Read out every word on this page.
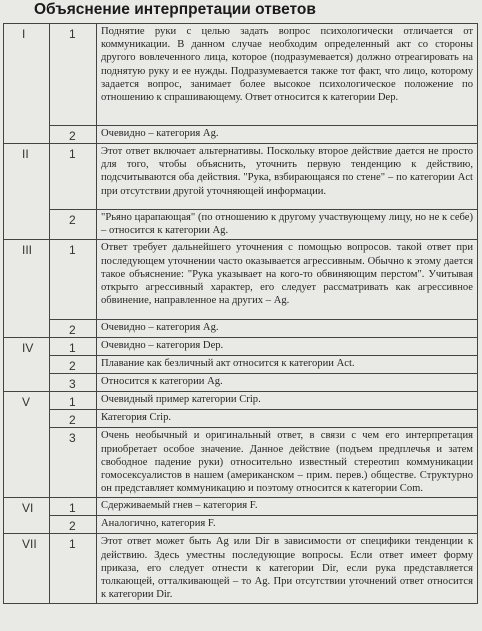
Объяснение интерпретации ответов
I	1	Поднятие руки с целью задать вопрос психологически отличается от коммуникации. В данном случае необходим определенный акт со стороны другого вовлеченного лица, которое (подразумевается) должно отреагировать на поднятую руку и ее нужды. Подразумевается также тот факт, что лицо, которому задается вопрос, занимает более высокое психологическое положение по отношению к спрашивающему. Ответ относится к категории Dep.
	2	Очевидно – категория Ag.
II	1	Этот ответ включает альтернативы. Поскольку второе действие дается не просто для того, чтобы объяснить, уточнить первую тенденцию к действию, подсчитываются оба действия. "Рука, взбирающаяся по стене" – по категории Act при отсутствии другой уточняющей информации.
	2	"Рьяно царапающая" (по отношению к другому участвующему лицу, но не к себе) – относится к категории Ag.
III	1	Ответ требует дальнейшего уточнения с помощью вопросов. такой ответ при последующем уточнении часто оказывается агрессивным. Обычно к этому дается такое объяснение: "Рука указывает на кого-то обвиняющим перстом". Учитывая открыто агрессивный характер, его следует рассматривать как агрессивное обвинение, направленное на других – Ag.
	2	Очевидно – категория Ag.
IV	1	Очевидно – категория Dep.
	2	Плавание как безличный акт относится к категории Act.
	3	Относится к категории Ag.
V	1	Очевидный пример категории Crip.
	2	Категория Crip.
	3	Очень необычный и оригинальный ответ, в связи с чем его интерпретация приобретает особое значение. Данное действие (подъем предплечья и затем свободное падение руки) относительно известный стереотип коммуникации гомосексуалистов в нашем (американском – прим. перев.) обществе. Структурно он представляет коммуникацию и поэтому относится к категории Com.
VI	1	Сдерживаемый гнев – категория F.
	2	Аналогично, категория F.
VII	1	Этот ответ может быть Ag или Dir в зависимости от специфики тенденции к действию. Здесь уместны последующие вопросы. Если ответ имеет форму приказа, его следует отнести к категории Dir, если рука представляется толкающей, отталкивающей – то Ag. При отсутствии уточнений ответ относится к категории Dir.
